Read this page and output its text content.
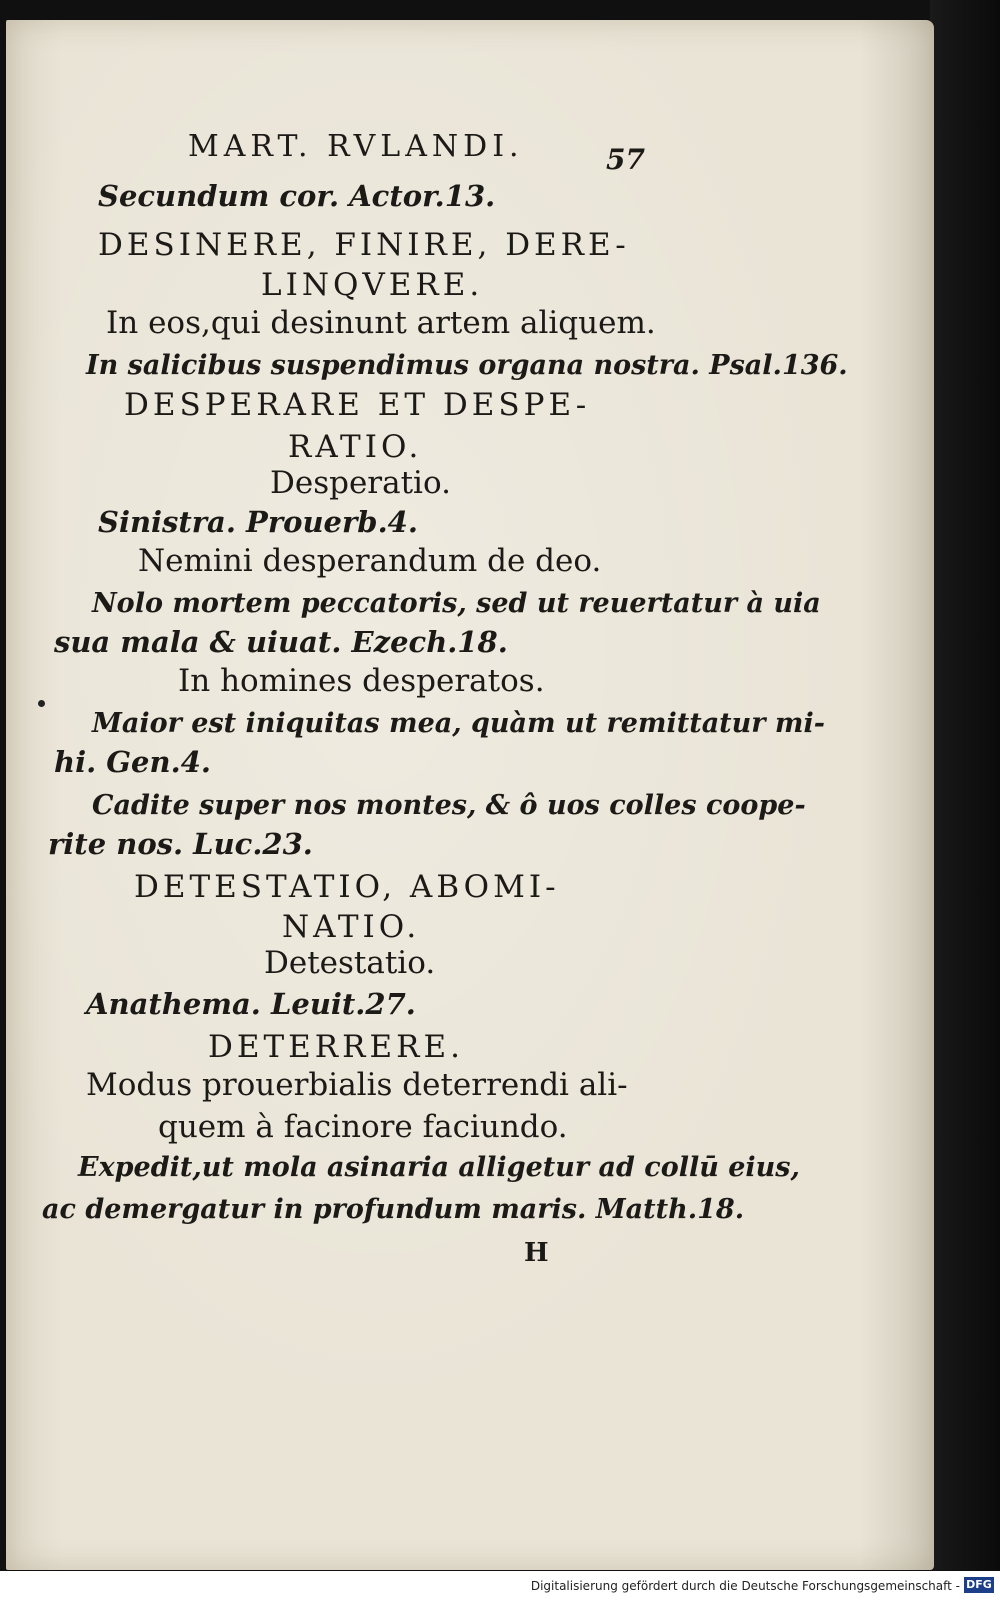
MART. RVLANDI.	57
Secundum cor. Actor.13.
DESINERE, FINIRE, DERE-
LINQVERE.
In eos,qui desinunt artem aliquem.
In salicibus suspendimus organa nostra. Psal.136.
DESPERARE ET DESPE-
RATIO.
Desperatio.
Sinistra. Prouerb.4.
Nemini desperandum de deo.
Nolo mortem peccatoris, sed ut reuertatur à uia
sua mala & uiuat. Ezech.18.
In homines desperatos.
Maior est iniquitas mea, quàm ut remittatur mi-
hi. Gen.4.
Cadite super nos montes, & ô uos colles coope-
rite nos. Luc.23.
DETESTATIO, ABOMI-
NATIO.
Detestatio.
Anathema. Leuit.27.
DETERRERE.
Modus prouerbialis deterrendi ali-
quem à facinore faciundo.
Expedit,ut mola asinaria alligetur ad collū eius,
ac demergatur in profundum maris. Matth.18.
H
Digitalisierung gefördert durch die Deutsche Forschungsgemeinschaft - DFG
